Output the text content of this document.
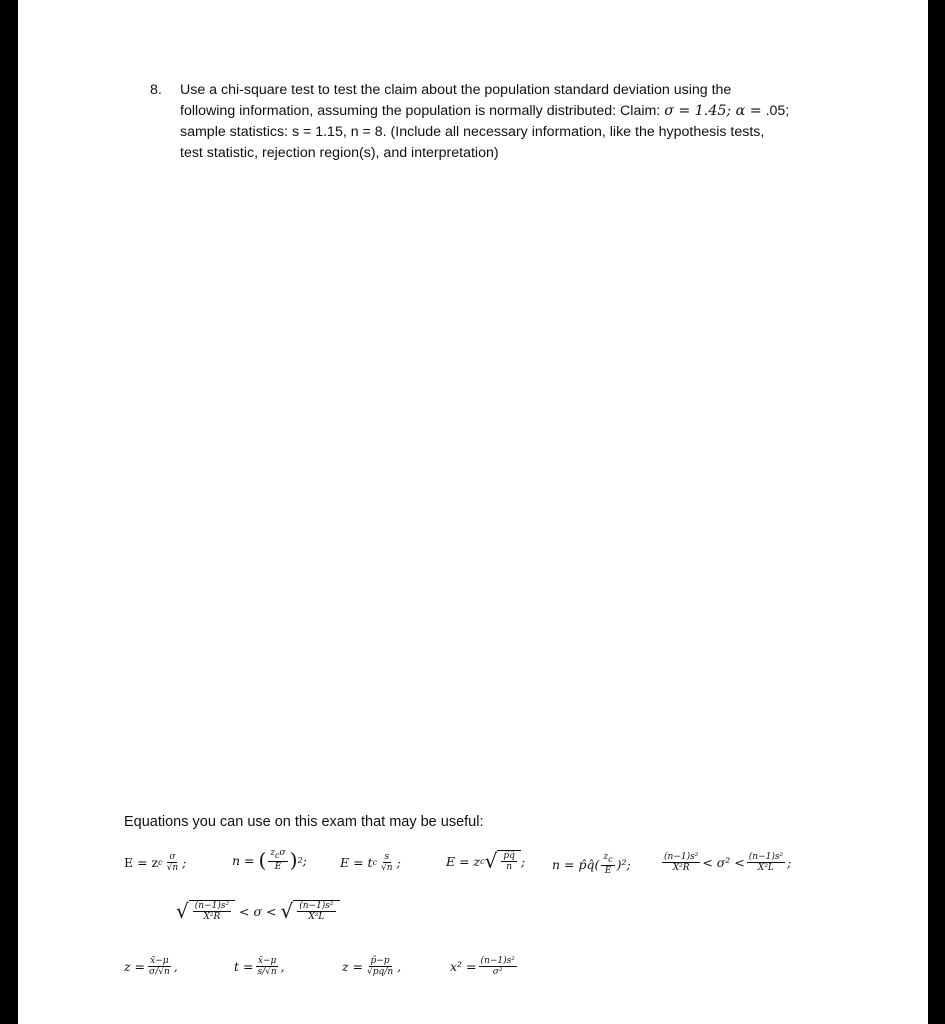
8. Use a chi-square test to test the claim about the population standard deviation using the following information, assuming the population is normally distributed: Claim: σ = 1.45; α = .05; sample statistics: s = 1.15, n = 8. (Include all necessary information, like the hypothesis tests, test statistic, rejection region(s), and interpretation)
Equations you can use on this exam that may be useful:
E = z c $\frac{\sigma}{√n}$ ;	n =
( $\frac{\text{zcσ}}{E}$ ) 2 ;	E = t c $\frac{s}{√n}$ ;	E = z c √ $\frac{p̂q̂}{n}$ ; n = p̂q̂( $\frac{zc}{E} )^2$;	$\frac{\text{(n−1)s²}}{\text{X²R}} < \sigma^2 < \frac{\text{(n−1)s²}}{\text{X²L}}$ ;
√ $\frac{\text{(n−1)s²}}{\text{X²R}}$
< σ <
√ $\frac{\text{(n−1)s²}}{\text{X²L}}$
$z = \frac{x̄-\mu}{\sigma/√n}$ ,	$t = \frac{x̄-\mu}{s/√n}$ ,	$z = \frac{p̂-p}{√pq/n}$ ,	$x^2 = \frac{\text{(n−1)s²}}{\text{σ²}}$
